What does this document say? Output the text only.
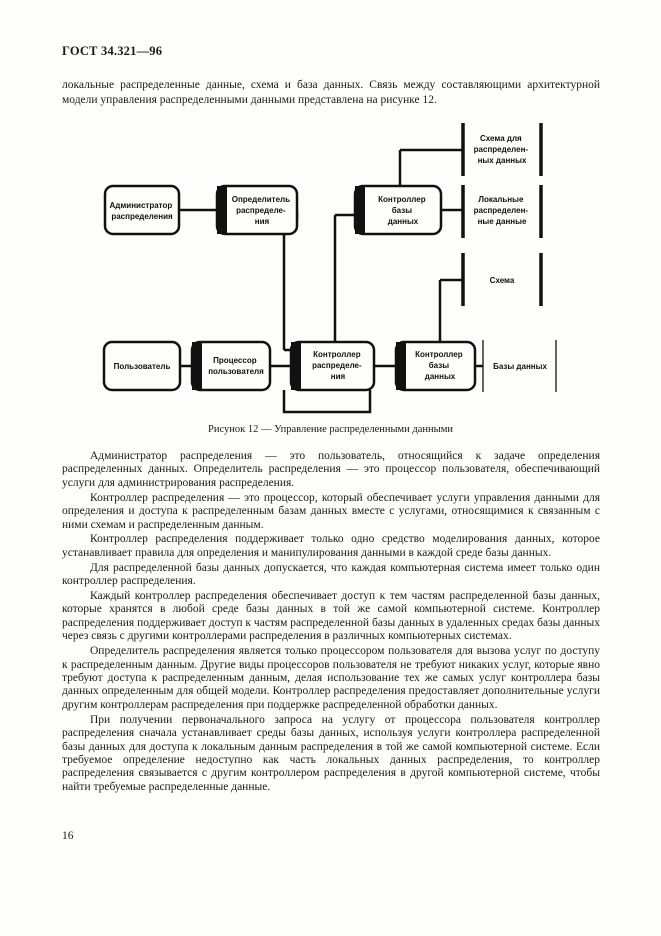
ГОСТ 34.321—96

локальные распределенные данные, схема и база данных. Связь между составляющими архитектурной модели управления распределенными данными представлена на рисунке 12.

Администратор распределения
Определитель распределе- ния
Контроллер базы данных
Схема для распределен- ных данных
Локальные распределен- ные данные
Схема
Пользователь
Процессор пользователя
Контроллер распределе- ния
Контроллер базы данных
Базы данных
Рисунок 12 — Управление распределенными данными

Администратор распределения — это пользователь, относящийся к задаче определения распределенных данных. Определитель распределения — это процессор пользователя, обеспечивающий услуги для администрирования распределения.

Контроллер распределения — это процессор, который обеспечивает услуги управления данными для определения и доступа к распределенным базам данных вместе с услугами, относящимися к связанным с ними схемам и распределенным данным.

Контроллер распределения поддерживает только одно средство моделирования данных, которое устанавливает правила для определения и манипулирования данными в каждой среде базы данных.

Для распределенной базы данных допускается, что каждая компьютерная система имеет только один контроллер распределения.

Каждый контроллер распределения обеспечивает доступ к тем частям распределенной базы данных, которые хранятся в любой среде базы данных в той же самой компьютерной системе. Контроллер распределения поддерживает доступ к частям распределенной базы данных в удаленных средах базы данных через связь с другими контроллерами распределения в различных компьютерных системах.

Определитель распределения является только процессором пользователя для вызова услуг по доступу к распределенным данным. Другие виды процессоров пользователя не требуют никаких услуг, которые явно требуют доступа к распределенным данным, делая использование тех же самых услуг контроллера базы данных определенным для общей модели. Контроллер распределения предоставляет дополнительные услуги другим контроллерам распределения при поддержке распределенной обработки данных.

При получении первоначального запроса на услугу от процессора пользователя контроллер распределения сначала устанавливает среды базы данных, используя услуги контроллера распределенной базы данных для доступа к локальным данным распределения в той же самой компьютерной системе. Если требуемое определение недоступно как часть локальных данных распределения, то контроллер распределения связывается с другим контроллером распределения в другой компьютерной системе, чтобы найти требуемые распределенные данные.

16
